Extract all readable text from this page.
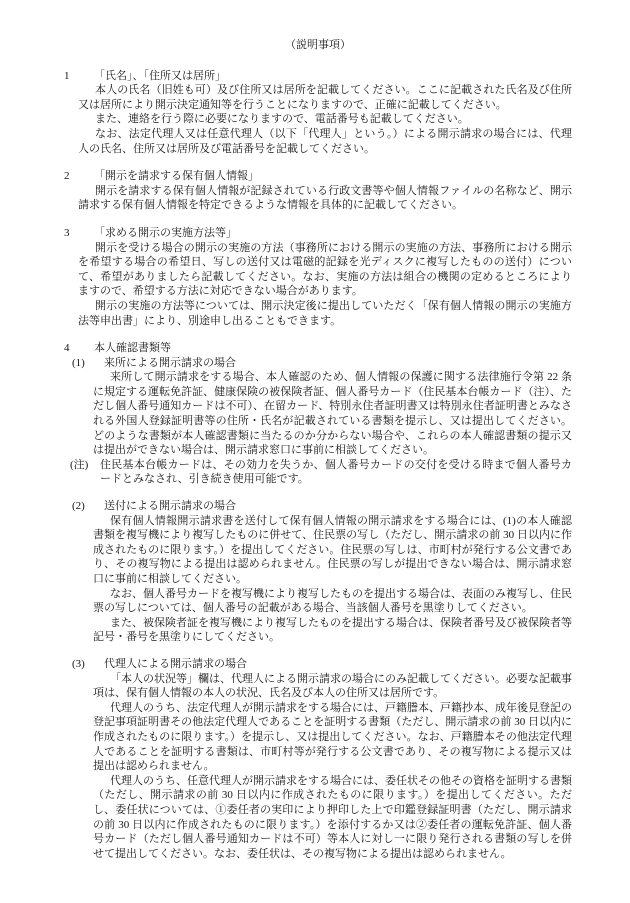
（説明事項）
1	「氏名」、「住所又は居所」

本人の氏名（旧姓も可）及び住所又は居所を記載してください。ここに記載された氏名及び住所又は居所により開示決定通知等を行うことになりますので、正確に記載してください。

また、連絡を行う際に必要になりますので、電話番号も記載してください。

なお、法定代理人又は任意代理人（以下「代理人」という。）による開示請求の場合には、代理人の氏名、住所又は居所及び電話番号を記載してください。

2	「開示を請求する保有個人情報」

開示を請求する保有個人情報が記録されている行政文書等や個人情報ファイルの名称など、開示請求する保有個人情報を特定できるような情報を具体的に記載してください。

3	「求める開示の実施方法等」

開示を受ける場合の開示の実施の方法（事務所における開示の実施の方法、事務所における開示を希望する場合の希望日、写しの送付又は電磁的記録を光ディスクに複写したものの送付）について、希望がありましたら記載してください。なお、実施の方法は組合の機関の定めるところによりますので、希望する方法に対応できない場合があります。

開示の実施の方法等については、開示決定後に提出していただく「保有個人情報の開示の実施方法等申出書」により、別途申し出ることもできます。

4	本人確認書類等
(1)	来所による開示請求の場合

来所して開示請求をする場合、本人確認のため、個人情報の保護に関する法律施行令第 22 条に規定する運転免許証、健康保険の被保険者証、個人番号カード（住民基本台帳カード（注）、ただし個人番号通知カードは不可）、在留カード、特別永住者証明書又は特別永住者証明書とみなされる外国人登録証明書等の住所・氏名が記載されている書類を提示し、又は提出してください。どのような書類が本人確認書類に当たるのか分からない場合や、これらの本人確認書類の提示又は提出ができない場合は、開示請求窓口に事前に相談してください。

(注)	住民基本台帳カードは、その効力を失うか、個人番号カードの交付を受ける時まで個人番号カードとみなされ、引き続き使用可能です。

(2)	送付による開示請求の場合

保有個人情報開示請求書を送付して保有個人情報の開示請求をする場合には、(1)の本人確認書類を複写機により複写したものに併せて、住民票の写し（ただし、開示請求の前 30 日以内に作成されたものに限ります。）を提出してください。住民票の写しは、市町村が発行する公文書であり、その複写物による提出は認められません。住民票の写しが提出できない場合は、開示請求窓口に事前に相談してください。

なお、個人番号カードを複写機により複写したものを提出する場合は、表面のみ複写し、住民票の写しについては、個人番号の記載がある場合、当該個人番号を黒塗りしてください。

また、被保険者証を複写機により複写したものを提出する場合は、保険者番号及び被保険者等記号・番号を黒塗りにしてください。

(3)	代理人による開示請求の場合

「本人の状況等」欄は、代理人による開示請求の場合にのみ記載してください。必要な記載事項は、保有個人情報の本人の状況、氏名及び本人の住所又は居所です。

代理人のうち、法定代理人が開示請求をする場合には、戸籍謄本、戸籍抄本、成年後見登記の登記事項証明書その他法定代理人であることを証明する書類（ただし、開示請求の前 30 日以内に作成されたものに限ります。）を提示し、又は提出してください。なお、戸籍謄本その他法定代理人であることを証明する書類は、市町村等が発行する公文書であり、その複写物による提示又は提出は認められません。

代理人のうち、任意代理人が開示請求をする場合には、委任状その他その資格を証明する書類（ただし、開示請求の前 30 日以内に作成されたものに限ります。）を提出してください。ただし、委任状については、①委任者の実印により押印した上で印鑑登録証明書（ただし、開示請求の前 30 日以内に作成されたものに限ります。）を添付するか又は②委任者の運転免許証、個人番号カード（ただし個人番号通知カードは不可）等本人に対し一に限り発行される書類の写しを併せて提出してください。なお、委任状は、その複写物による提出は認められません。
